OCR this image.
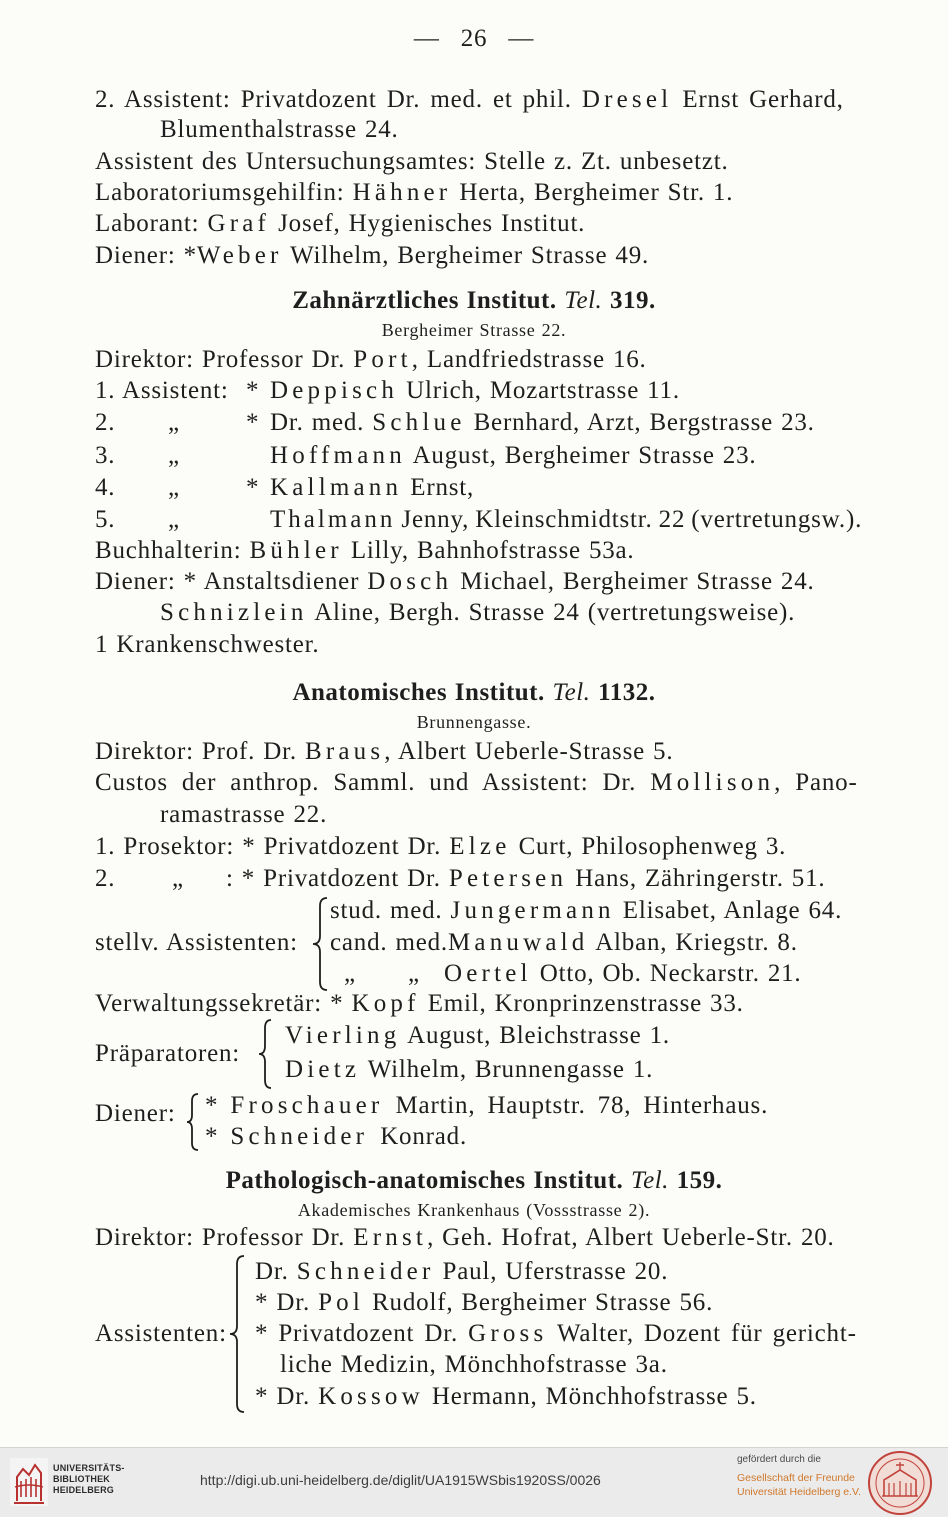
— 26 —
2. Assistent: Privatdozent Dr. med. et phil. Dresel Ernst Gerhard,
Blumenthalstrasse 24.
Assistent des Untersuchungsamtes: Stelle z. Zt. unbesetzt.
Laboratoriumsgehilfin: Hähner Herta, Bergheimer Str. 1.
Laborant: Graf Josef, Hygienisches Institut.
Diener: *Weber Wilhelm, Bergheimer Strasse 49.
Zahnärztliches Institut. Tel. 319.
Bergheimer Strasse 22.
Direktor: Professor Dr. Port, Landfriedstrasse 16.
1. Assistent: * Deppisch Ulrich, Mozartstrasse 11.
2. „	* Dr. med. Schlue Bernhard, Arzt, Bergstrasse 23.
3. „	Hoffmann August, Bergheimer Strasse 23.
4. „	* Kallmann Ernst,
5. „	Thalmann Jenny, Kleinschmidtstr. 22 (vertretungsw.).
Buchhalterin: Bühler Lilly, Bahnhofstrasse 53a.
Diener: * Anstaltsdiener Dosch Michael, Bergheimer Strasse 24.
Schnizlein Aline, Bergh. Strasse 24 (vertretungsweise).
1 Krankenschwester.
Anatomisches Institut. Tel. 1132.
Brunnengasse.
Direktor: Prof. Dr. Braus, Albert Ueberle-Strasse 5.
Custos der anthrop. Samml. und Assistent: Dr. Mollison, Pano-
ramastrasse 22.
1. Prosektor: * Privatdozent Dr. Elze Curt, Philosophenweg 3.
2. „ : * Privatdozent Dr. Petersen Hans, Zähringerstr. 51.
stellv. Assistenten:
stud. med. Jungermann Elisabet, Anlage 64.
cand. med.Manuwald Alban, Kriegstr. 8.
„ „ Oertel Otto, Ob. Neckarstr. 21.
Verwaltungssekretär: * Kopf Emil, Kronprinzenstrasse 33.
Präparatoren:
Vierling August, Bleichstrasse 1.
Dietz Wilhelm, Brunnengasse 1.
Diener: * Froschauer Martin, Hauptstr. 78, Hinterhaus.
* Schneider Konrad.
Pathologisch-anatomisches Institut. Tel. 159.
Akademisches Krankenhaus (Vossstrasse 2).
Direktor: Professor Dr. Ernst, Geh. Hofrat, Albert Ueberle-Str. 20.
Assistenten:
Dr. Schneider Paul, Uferstrasse 20.
* Dr. Pol Rudolf, Bergheimer Strasse 56.
* Privatdozent Dr. Gross Walter, Dozent für gericht-
liche Medizin, Mönchhofstrasse 3a.
* Dr. Kossow Hermann, Mönchhofstrasse 5.
UNIVERSITÄTS-
BIBLIOTHEK
HEIDELBERG
http://digi.ub.uni-heidelberg.de/diglit/UA1915WSbis1920SS/0026
gefördert durch die
Gesellschaft der Freunde
Universität Heidelberg e.V.
